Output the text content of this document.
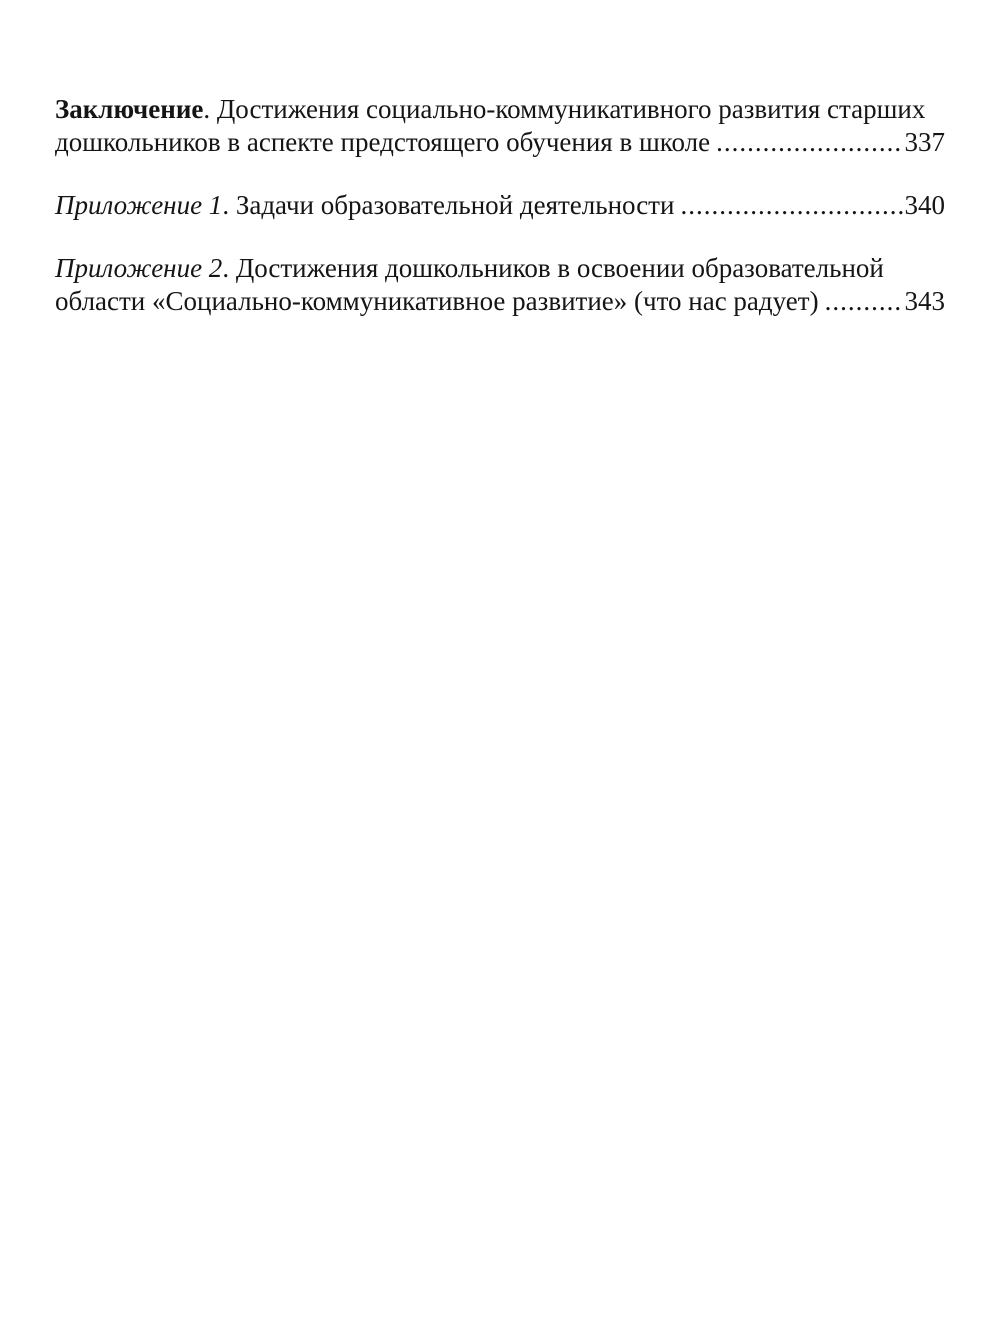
Заключение. Достижения социально-коммуникативного развития старших
дошкольников в аспекте предстоящего обучения в школе .....	337
Приложение 1. Задачи образовательной деятельности .....	340
Приложение 2. Достижения дошкольников в освоении образовательной
области «Социально-коммуникативное развитие» (что нас радует) .....	343
